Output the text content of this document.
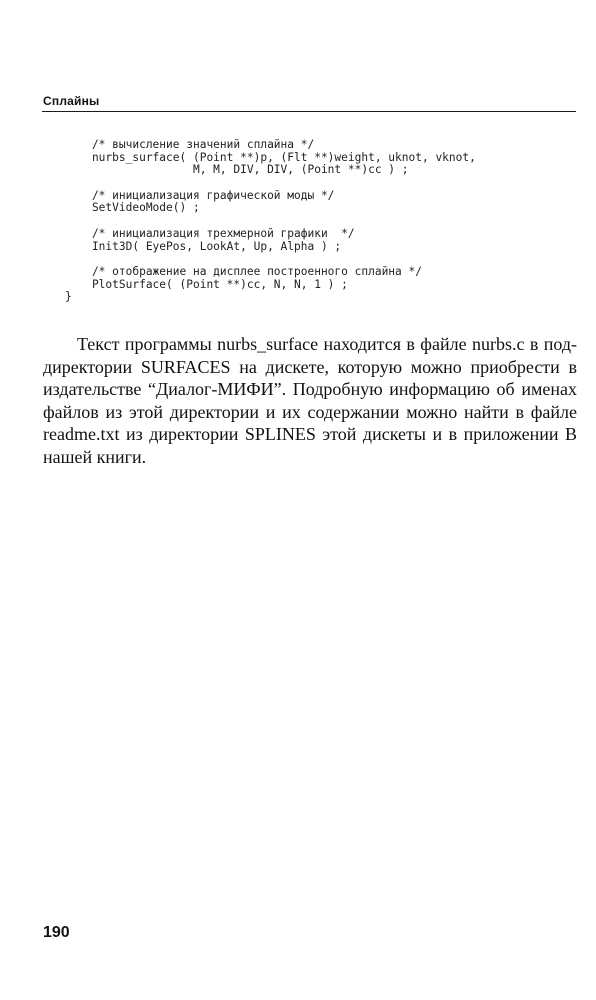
Сплайны
/* вычисление значений сплайна */
nurbs_surface( (Point **)p, (Flt **)weight, uknot, vknot,
M, M, DIV, DIV, (Point **)cc ) ;
/* инициализация графической моды */
SetVideoMode() ;
/* инициализация трехмерной графики  */
Init3D( EyePos, LookAt, Up, Alpha ) ;
/* отображение на дисплее построенного сплайна */
PlotSurface( (Point **)cc, N, N, 1 ) ;
}
Текст программы nurbs_surface находится в файле nurbs.c в под-
директории SURFACES на дискете, которую можно приобрести в
издательстве “Диалог-МИФИ”. Подробную информацию об именах
файлов из этой директории и их содержании можно найти в файле
readme.txt из директории SPLINES этой дискеты и в приложении B
нашей книги.
190
